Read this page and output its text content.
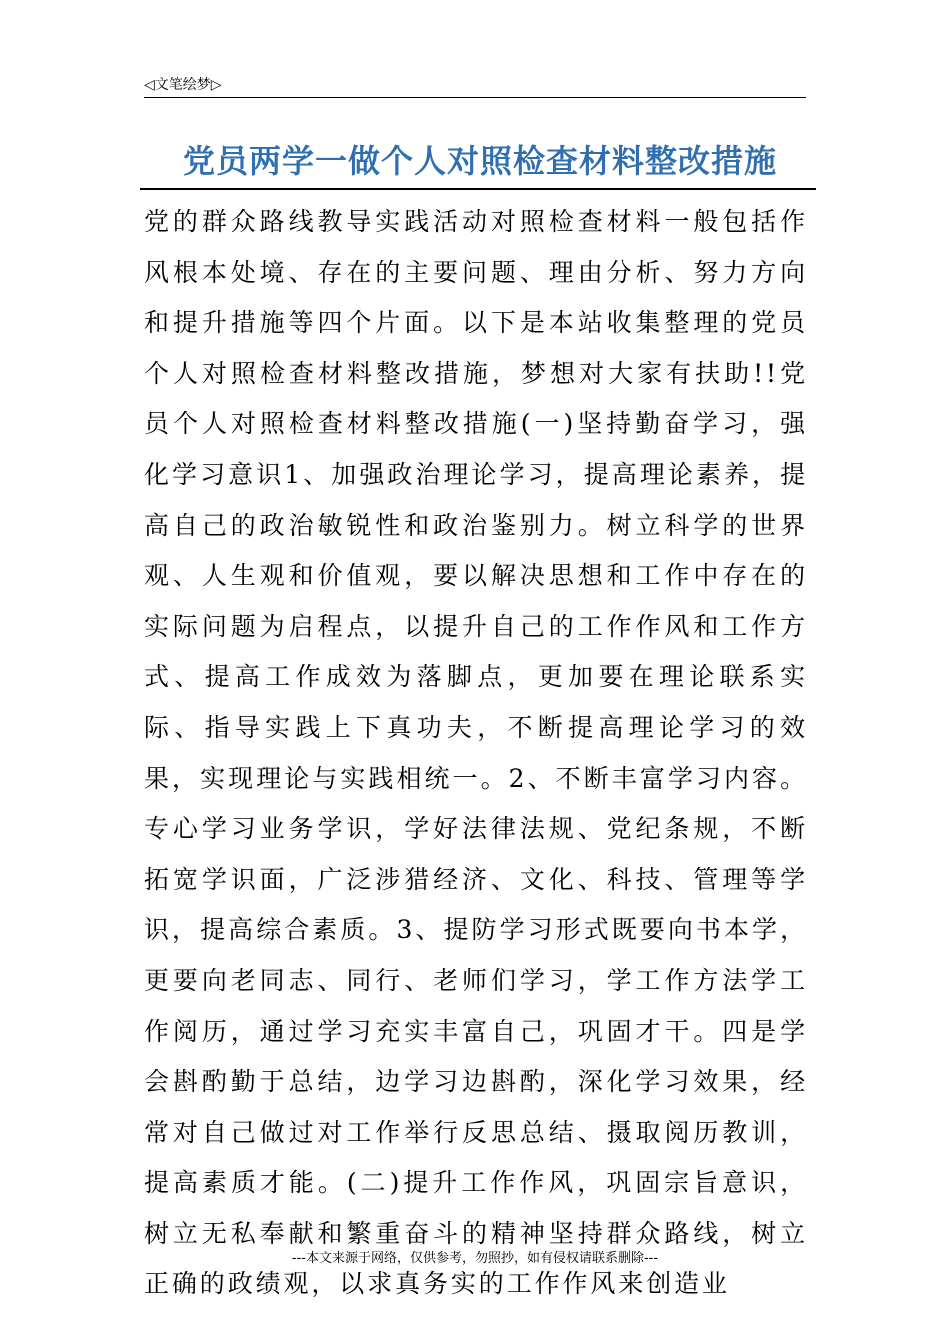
◁文笔绘梦▷
党员两学一做个人对照检查材料整改措施

党的群众路线教导实践活动对照检查材料一般包括作风根本处境、存在的主要问题、理由分析、努力方向和提升措施等四个片面。以下是本站收集整理的党员个人对照检查材料整改措施，梦想对大家有扶助!!党员个人对照检查材料整改措施(一)坚持勤奋学习，强化学习意识1、加强政治理论学习，提高理论素养，提高自己的政治敏锐性和政治鉴别力。树立科学的世界观、人生观和价值观，要以解决思想和工作中存在的实际问题为启程点，以提升自己的工作作风和工作方式、提高工作成效为落脚点，更加要在理论联系实际、指导实践上下真功夫，不断提高理论学习的效果，实现理论与实践相统一。2、不断丰富学习内容。专心学习业务学识，学好法律法规、党纪条规，不断拓宽学识面，广泛涉猎经济、文化、科技、管理等学识，提高综合素质。3、提防学习形式既要向书本学，更要向老同志、同行、老师们学习，学工作方法学工作阅历，通过学习充实丰富自己，巩固才干。四是学会斟酌勤于总结，边学习边斟酌，深化学习效果，经常对自己做过对工作举行反思总结、摄取阅历教训，提高素质才能。(二)提升工作作风，巩固宗旨意识，树立无私奉献和繁重奋斗的精神坚持群众路线，树立正确的政绩观，以求真务实的工作作风来创造业

---本文来源于网络，仅供参考，勿照抄，如有侵权请联系删除---
